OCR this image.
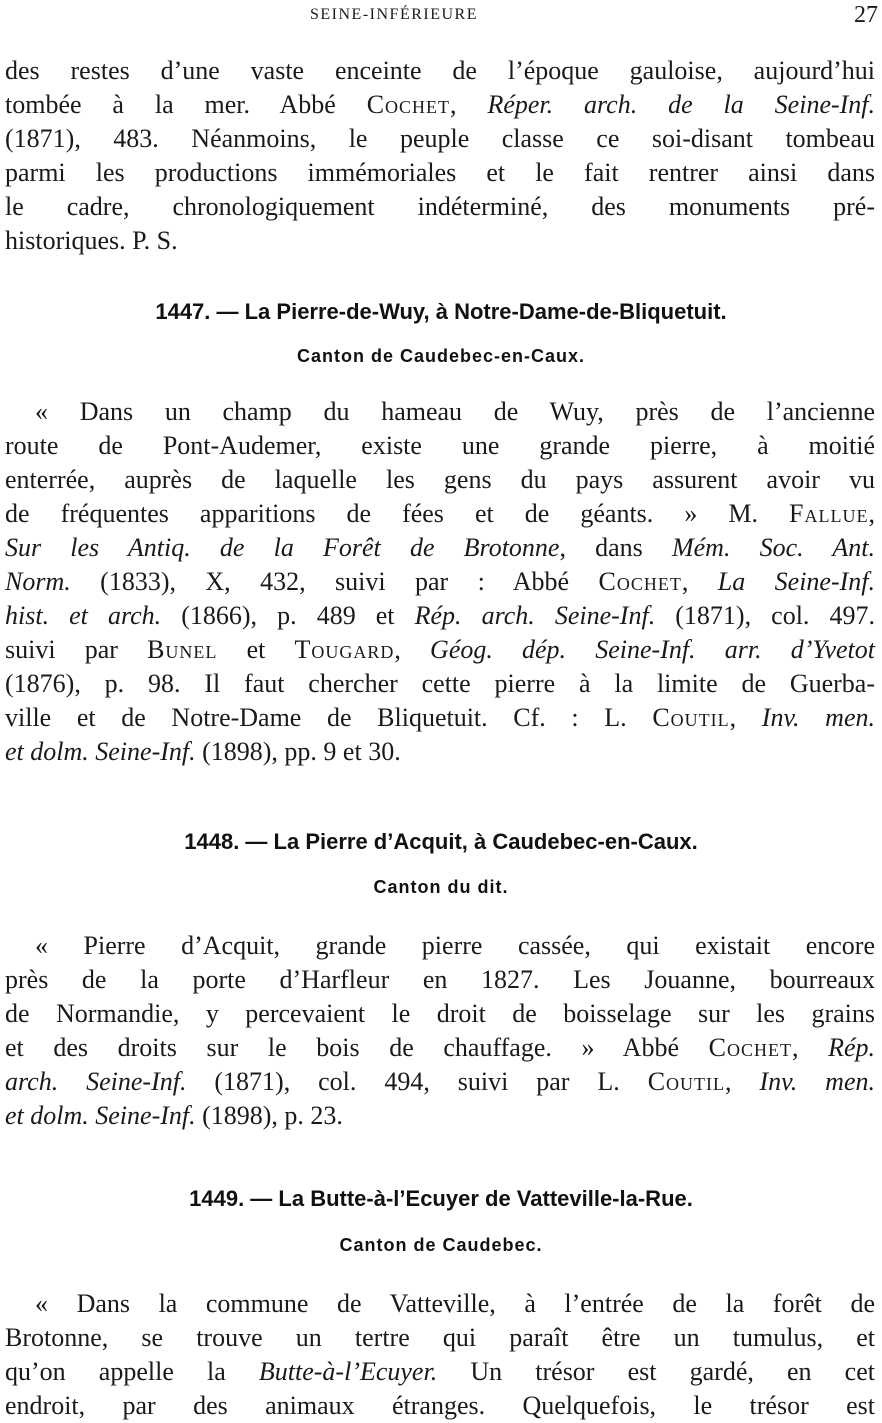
SEINE-INFÉRIEURE	27
des restes d’une vaste enceinte de l’époque gauloise, aujourd’hui
tombée à la mer. Abbé Cochet, Réper. arch. de la Seine-Inf.
(1871), 483. Néanmoins, le peuple classe ce soi-disant tombeau
parmi les productions immémoriales et le fait rentrer ainsi dans
le cadre, chronologiquement indéterminé, des monuments pré-
historiques. P. S.
1447. — La Pierre-de-Wuy, à Notre-Dame-de-Bliquetuit.
Canton de Caudebec-en-Caux.
« Dans un champ du hameau de Wuy, près de l’ancienne
route de Pont-Audemer, existe une grande pierre, à moitié
enterrée, auprès de laquelle les gens du pays assurent avoir vu
de fréquentes apparitions de fées et de géants. » M. Fallue,
Sur les Antiq. de la Forêt de Brotonne, dans Mém. Soc. Ant.
Norm. (1833), X, 432, suivi par : Abbé Cochet, La Seine-Inf.
hist. et arch. (1866), p. 489 et Rép. arch. Seine-Inf. (1871), col. 497.
suivi par Bunel et Tougard, Géog. dép. Seine-Inf. arr. d’Yvetot
(1876), p. 98. Il faut chercher cette pierre à la limite de Guerba-
ville et de Notre-Dame de Bliquetuit. Cf. : L. Coutil, Inv. men.
et dolm. Seine-Inf. (1898), pp. 9 et 30.
1448. — La Pierre d’Acquit, à Caudebec-en-Caux.
Canton du dit.
« Pierre d’Acquit, grande pierre cassée, qui existait encore
près de la porte d’Harfleur en 1827. Les Jouanne, bourreaux
de Normandie, y percevaient le droit de boisselage sur les grains
et des droits sur le bois de chauffage. » Abbé Cochet, Rép.
arch. Seine-Inf. (1871), col. 494, suivi par L. Coutil, Inv. men.
et dolm. Seine-Inf. (1898), p. 23.
1449. — La Butte-à-l’Ecuyer de Vatteville-la-Rue.
Canton de Caudebec.
« Dans la commune de Vatteville, à l’entrée de la forêt de
Brotonne, se trouve un tertre qui paraît être un tumulus, et
qu’on appelle la Butte-à-l’Ecuyer. Un trésor est gardé, en cet
endroit, par des animaux étranges. Quelquefois, le trésor est
